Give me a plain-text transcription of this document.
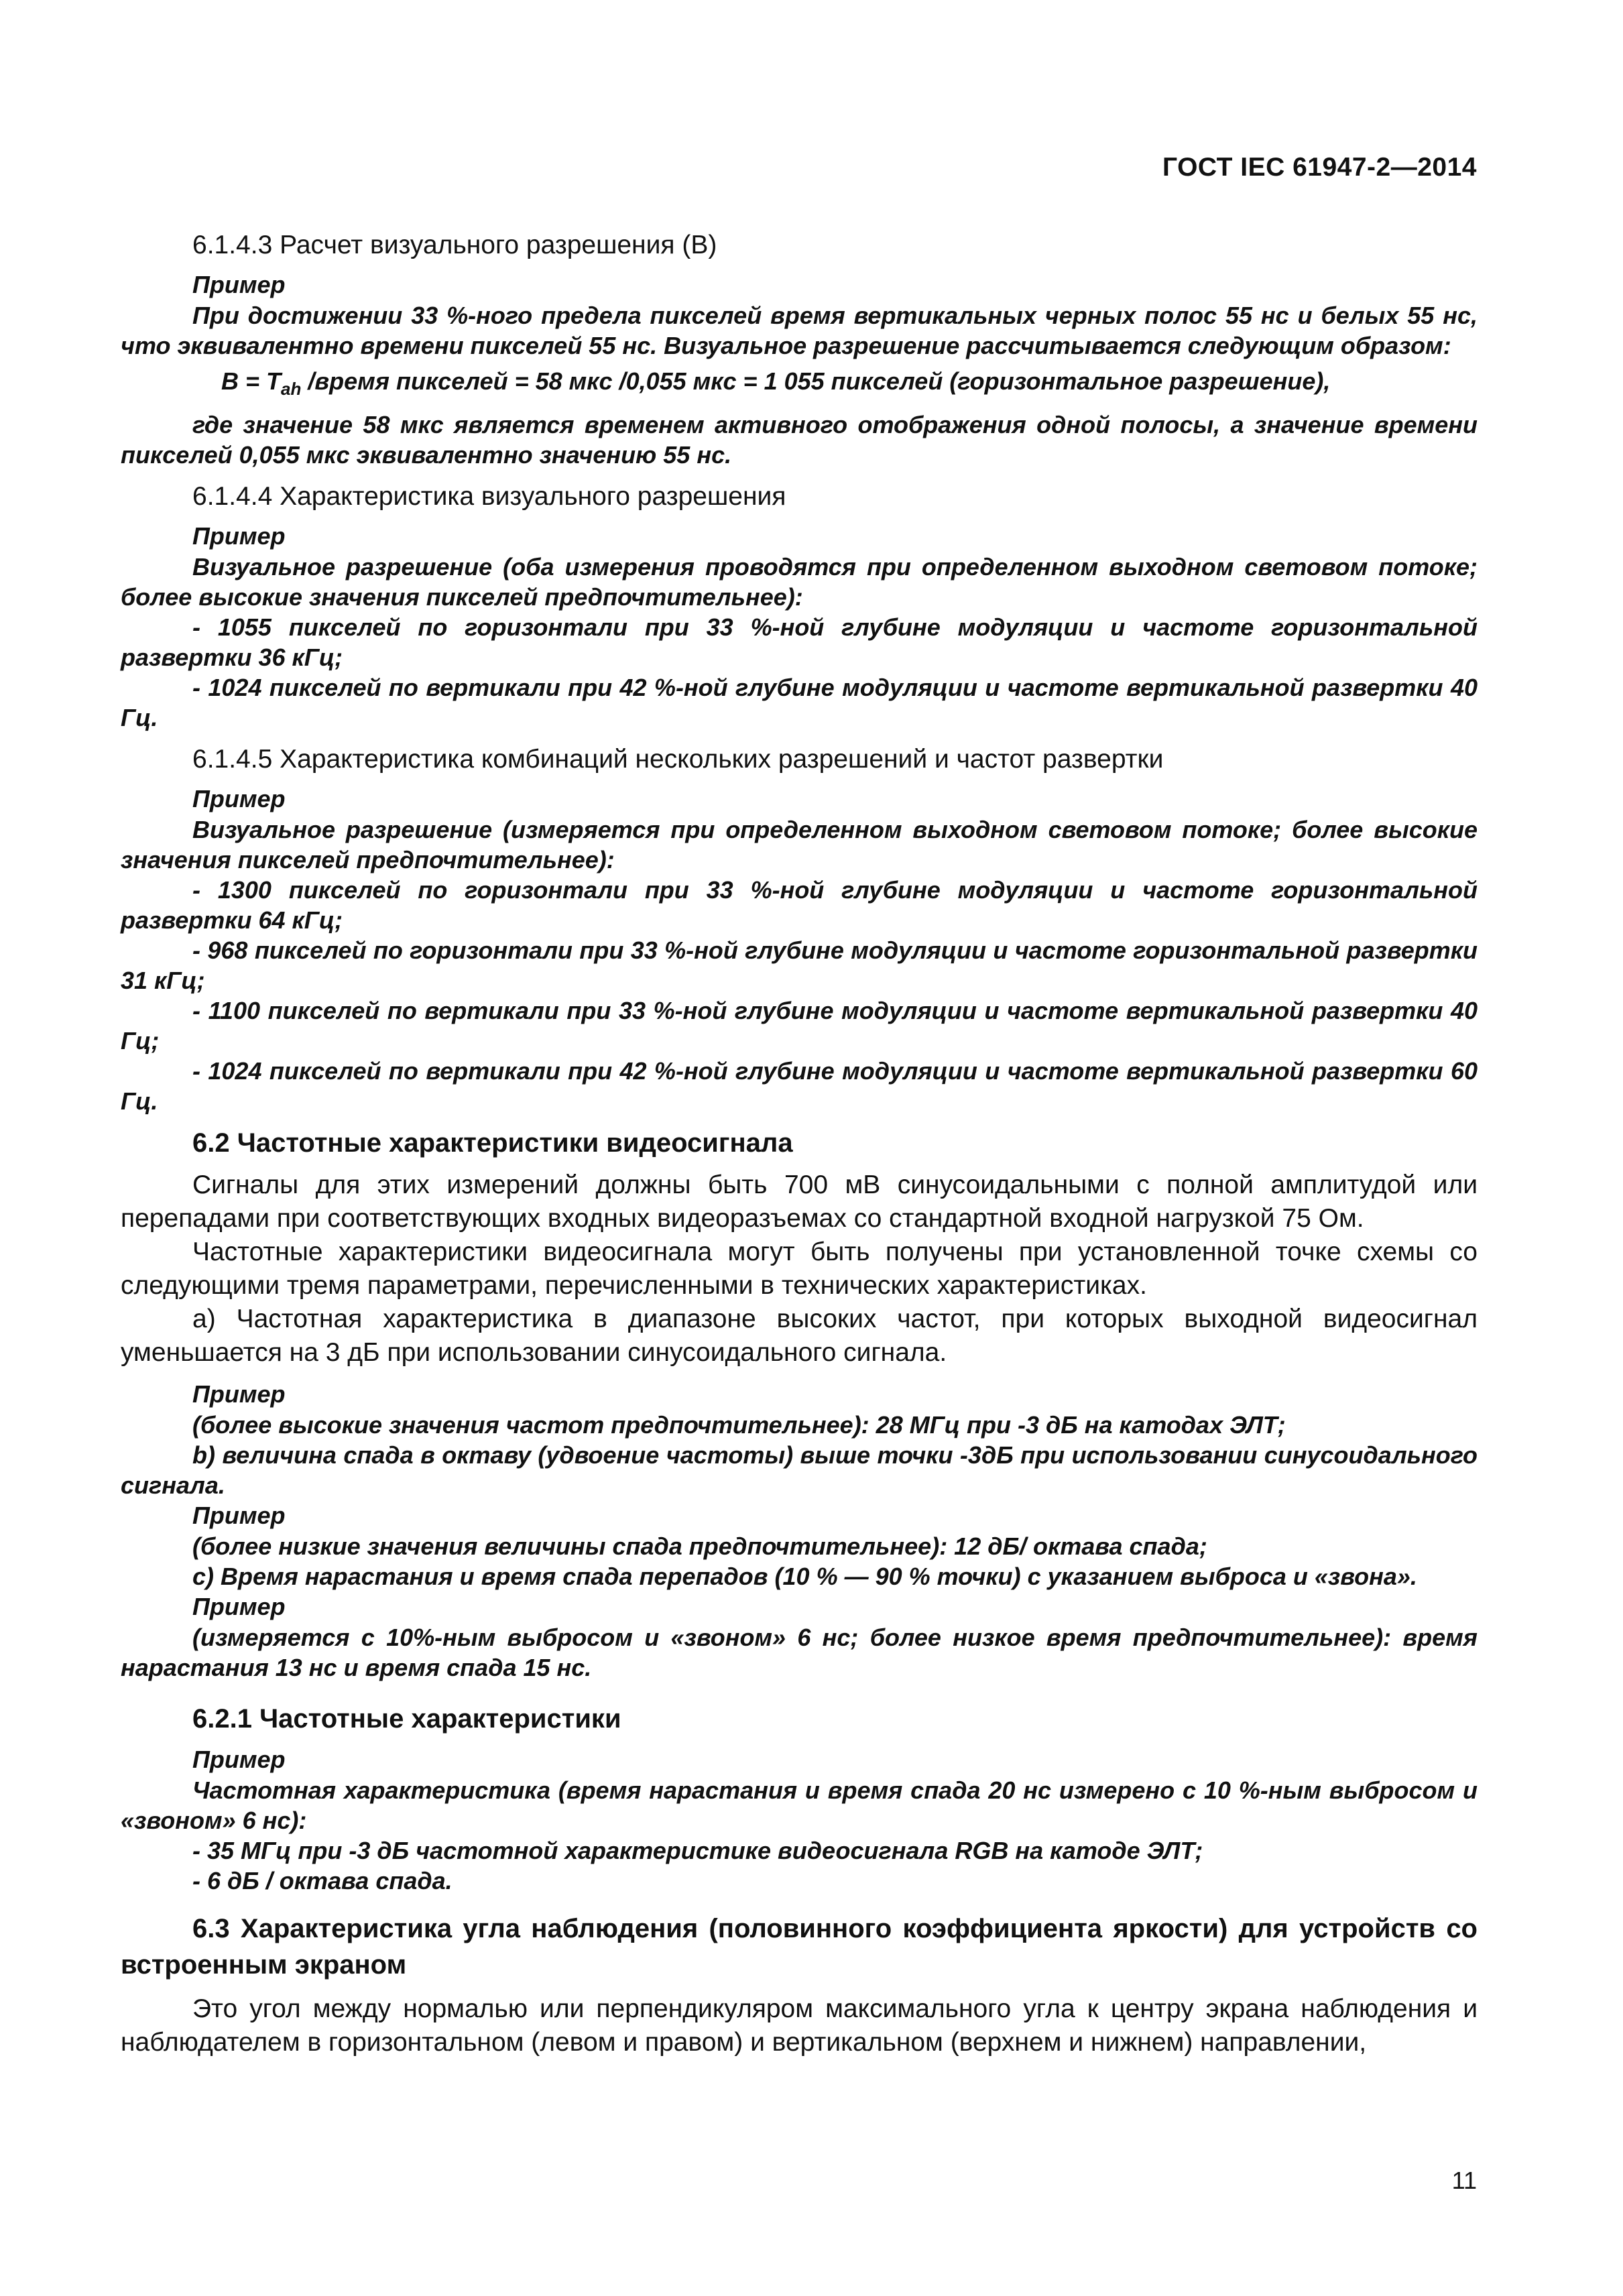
ГОСТ IEC 61947-2—2014

6.1.4.3 Расчет визуального разрешения (В)

Пример

При достижении 33 %-ного предела пикселей время вертикальных черных полос 55 нс и белых 55 нс, что эквивалентно времени пикселей 55 нс. Визуальное разрешение рассчитывается следующим образом:

$B = T_{ah}$ /время пикселей = 58 мкс /0,055 мкс = 1 055 пикселей (горизонтальное разрешение),

где значение 58 мкс является временем активного отображения одной полосы, а значение времени пикселей 0,055 мкс эквивалентно значению 55 нс.

6.1.4.4 Характеристика визуального разрешения

Пример

Визуальное разрешение (оба измерения проводятся при определенном выходном световом потоке; более высокие значения пикселей предпочтительнее):

- 1055 пикселей по горизонтали при 33 %-ной глубине модуляции и частоте горизонтальной развертки 36 кГц;

- 1024 пикселей по вертикали при 42 %-ной глубине модуляции и частоте вертикальной развертки 40 Гц.

6.1.4.5 Характеристика комбинаций нескольких разрешений и частот развертки

Пример

Визуальное разрешение (измеряется при определенном выходном световом потоке; более высокие значения пикселей предпочтительнее):

- 1300 пикселей по горизонтали при 33 %-ной глубине модуляции и частоте горизонтальной развертки 64 кГц;

- 968 пикселей по горизонтали при 33 %-ной глубине модуляции и частоте горизонтальной развертки 31 кГц;

- 1100 пикселей по вертикали при 33 %-ной глубине модуляции и частоте вертикальной развертки 40 Гц;

- 1024 пикселей по вертикали при 42 %-ной глубине модуляции и частоте вертикальной развертки 60 Гц.

6.2 Частотные характеристики видеосигнала

Сигналы для этих измерений должны быть 700 мВ синусоидальными с полной амплитудой или перепадами при соответствующих входных видеоразъемах со стандартной входной нагрузкой 75 Ом.

Частотные характеристики видеосигнала могут быть получены при установленной точке схемы со следующими тремя параметрами, перечисленными в технических характеристиках.

а) Частотная характеристика в диапазоне высоких частот, при которых выходной видеосигнал уменьшается на 3 дБ при использовании синусоидального сигнала.

Пример

(более высокие значения частот предпочтительнее): 28 МГц при -3 дБ на катодах ЭЛТ;

b) величина спада в октаву (удвоение частоты) выше точки -3дБ при использовании синусоидального сигнала.

Пример

(более низкие значения величины спада предпочтительнее): 12 дБ/ октава спада;

c) Время нарастания и время спада перепадов (10 % — 90 % точки) с указанием выброса и «звона».

Пример

(измеряется с 10%-ным выбросом и «звоном» 6 нс; более низкое время предпочтительнее): время нарастания 13 нс и время спада 15 нс.

6.2.1 Частотные характеристики

Пример

Частотная характеристика (время нарастания и время спада 20 нс измерено с 10 %-ным выбросом и «звоном» 6 нс):

- 35 МГц при -3 дБ частотной характеристике видеосигнала RGB на катоде ЭЛТ;

- 6 дБ / октава спада.

6.3 Характеристика угла наблюдения (половинного коэффициента яркости) для устройств со встроенным экраном

Это угол между нормалью или перпендикуляром максимального угла к центру экрана наблюдения и наблюдателем в горизонтальном (левом и правом) и вертикальном (верхнем и нижнем) направлении,

11
